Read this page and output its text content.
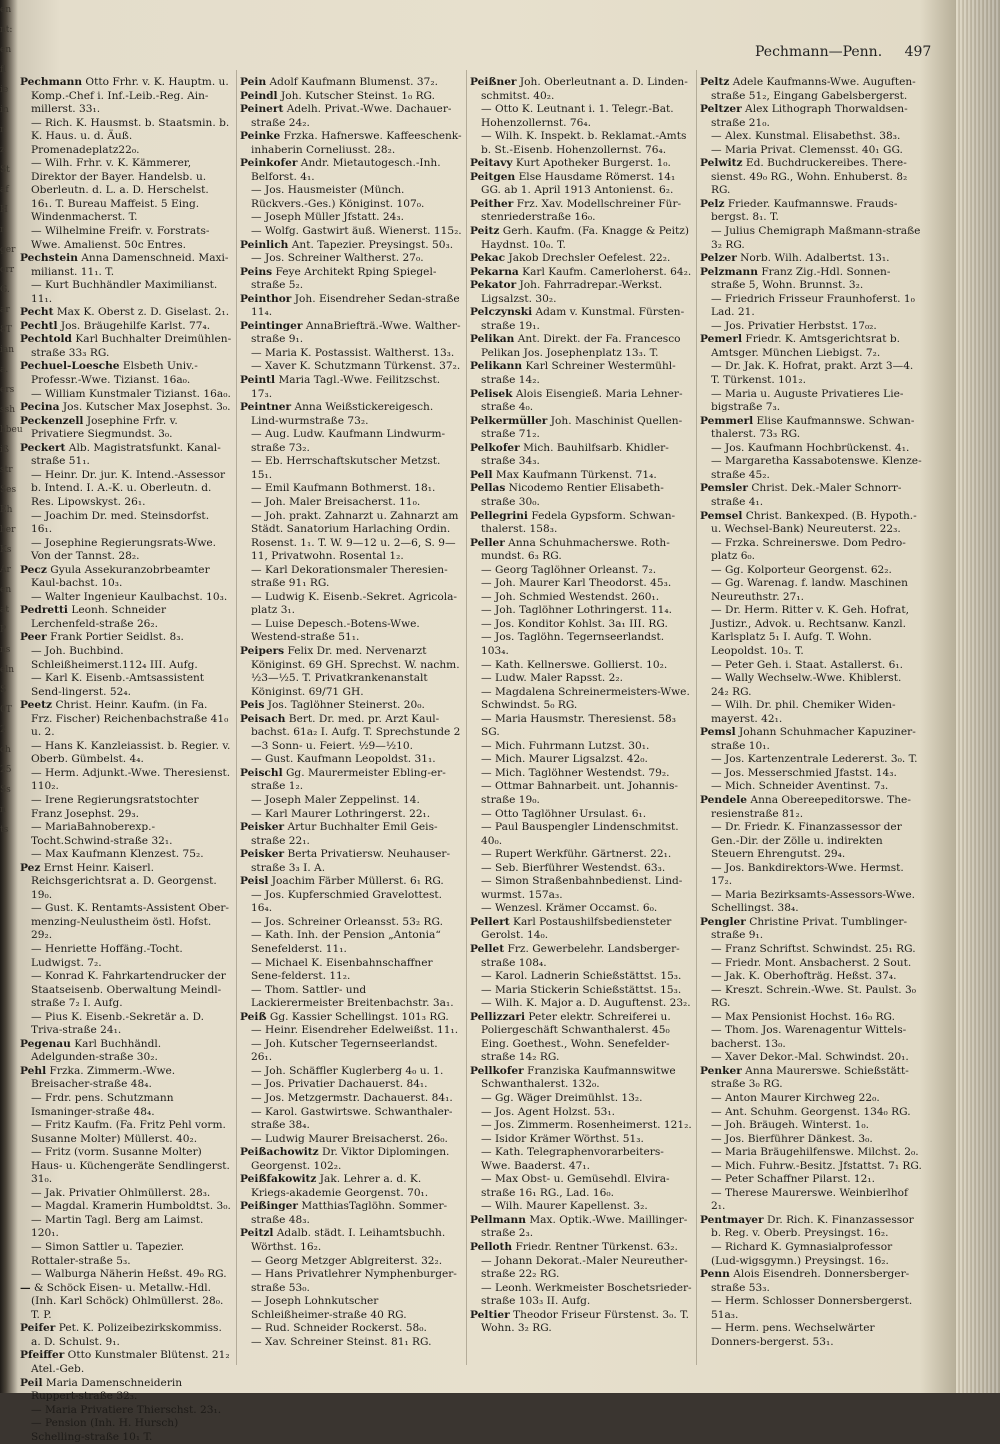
en
nt:
en
fl
ie
in
r
z
St
af
H
r
ger
orr
G.
ar
8T
ian
a.
ers
ssh
hbeu
iß
str
Ses
Eh
ber
Ks
Ar
en
at
P
ns
eln
S
0T
2
ch
25
Ss
n
ts
Pechmann—Penn. 497
Pechmann Otto Frhr. v. K. Hauptm. u. Komp.-Chef i. Inf.-Leib.-Reg. Ain-millerst. 33₁.
— Rich. K. Hausmst. b. Staatsmin. b. K. Haus. u. d. Äuß. Promenadeplatz22₀.
— Wilh. Frhr. v. K. Kämmerer, Direktor der Bayer. Handelsb. u. Oberleutn. d. L. a. D. Herschelst. 16₁. T. Bureau Maffeist. 5 Eing. Windenmacherst. T.
— Wilhelmine Freifr. v. Forstrats-Wwe. Amalienst. 50c Entres.
Pechstein Anna Damenschneid. Maxi-milianst. 11₁. T.
— Kurt Buchhändler Maximilianst. 11₁.
Pecht Max K. Oberst z. D. Giselast. 2₁.
Pechtl Jos. Bräugehilfe Karlst. 77₄.
Pechtold Karl Buchhalter Dreimühlen-straße 33₃ RG.
Pechuel-Loesche Elsbeth Univ.-Professr.-Wwe. Tizianst. 16a₀.
— William Kunstmaler Tizianst. 16a₀.
Pecina Jos. Kutscher Max Josephst. 3₀.
Peckenzell Josephine Frfr. v. Privatiere Siegmundst. 3₀.
Peckert Alb. Magistratsfunkt. Kanal-straße 51₁.
— Heinr. Dr. jur. K. Intend.-Assessor b. Intend. I. A.-K. u. Oberleutn. d. Res. Lipowskyst. 26₁.
— Joachim Dr. med. Steinsdorfst. 16₁.
— Josephine Regierungsrats-Wwe. Von der Tannst. 28₂.
Pecz Gyula Assekuranzobrbeamter Kaul-bachst. 10₃.
— Walter Ingenieur Kaulbachst. 10₃.
Pedretti Leonh. Schneider Lerchenfeld-straße 26₂.
Peer Frank Portier Seidlst. 8₃.
— Joh. Buchbind. Schleißheimerst.112₄ III. Aufg.
— Karl K. Eisenb.-Amtsassistent Send-lingerst. 52₄.
Peetz Christ. Heinr. Kaufm. (in Fa. Frz. Fischer) Reichenbachstraße 41₀ u. 2.
— Hans K. Kanzleiassist. b. Regier. v. Oberb. Gümbelst. 4₄.
— Herm. Adjunkt.-Wwe. Theresienst. 110₂.
— Irene Regierungsratstochter Franz Josephst. 29₃.
— MariaBahnoberexp.-Tocht.Schwind-straße 32₁.
— Max Kaufmann Klenzest. 75₂.
Pez Ernst Heinr. Kaiserl. Reichsgerichtsrat a. D. Georgenst. 19₀.
— Gust. K. Rentamts-Assistent Ober-menzing-Neulustheim östl. Hofst. 29₂.
— Henriette Hoffäng.-Tocht. Ludwigst. 7₂.
— Konrad K. Fahrkartendrucker der Staatseisenb. Oberwaltung Meindl-straße 7₂ I. Aufg.
— Pius K. Eisenb.-Sekretär a. D. Triva-straße 24₁.
Pegenau Karl Buchhändl. Adelgunden-straße 30₂.
Pehl Frzka. Zimmerm.-Wwe. Breisacher-straße 48₄.
— Frdr. pens. Schutzmann Ismaninger-straße 48₄.
— Fritz Kaufm. (Fa. Fritz Pehl vorm. Susanne Molter) Müllerst. 40₂.
— Fritz (vorm. Susanne Molter) Haus- u. Küchengeräte Sendlingerst. 31₀.
— Jak. Privatier Ohlmüllerst. 28₃.
— Magdal. Kramerin Humboldtst. 3₀.
— Martin Tagl. Berg am Laimst. 120₁.
— Simon Sattler u. Tapezier. Rottaler-straße 5₃.
— Walburga Näherin Heßst. 49₀ RG.
— & Schöck Eisen- u. Metallw.-Hdl. (Inh. Karl Schöck) Ohlmüllerst. 28₀. T. P.
Peifer Pet. K. Polizeibezirkskommiss. a. D. Schulst. 9₁.
Pfeiffer Otto Kunstmaler Blütenst. 21₂ Atel.-Geb.
Peil Maria Damenschneiderin Ruppert-straße 32₃.
— Maria Privatiere Thierschst. 23₁.
— Pension (Inh. H. Hursch) Schelling-straße 10₁ T.
Pein Adolf Kaufmann Blumenst. 37₂.
Peindl Joh. Kutscher Steinst. 1₀ RG.
Peinert Adelh. Privat.-Wwe. Dachauer-straße 24₂.
Peinke Frzka. Hafnerswe. Kaffeeschenk-inhaberin Corneliusst. 28₂.
Peinkofer Andr. Mietautogesch.-Inh. Belforst. 4₁.
— Jos. Hausmeister (Münch. Rückvers.-Ges.) Königinst. 107₀.
— Joseph Müller Jfstatt. 24₃.
— Wolfg. Gastwirt äuß. Wienerst. 115₂.
Peinlich Ant. Tapezier. Preysingst. 50₃.
— Jos. Schreiner Waltherst. 27₀.
Peins Feye Architekt Rping Spiegel-straße 5₂.
Peinthor Joh. Eisendreher Sedan-straße 11₄.
Peintinger AnnaBriefträ.-Wwe. Walther-straße 9₁.
— Maria K. Postassist. Waltherst. 13₃.
— Xaver K. Schutzmann Türkenst. 37₂.
Peintl Maria Tagl.-Wwe. Feilitzschst. 17₃.
Peintner Anna Weißstickereigesch. Lind-wurmstraße 73₂.
— Aug. Ludw. Kaufmann Lindwurm-straße 73₂.
— Eb. Herrschaftskutscher Metzst. 15₁.
— Emil Kaufmann Bothmerst. 18₁.
— Joh. Maler Breisacherst. 11₀.
— Joh. prakt. Zahnarzt u. Zahnarzt am Städt. Sanatorium Harlaching Ordin. Rosenst. 1₁. T. W. 9—12 u. 2—6, S. 9—11, Privatwohn. Rosental 1₂.
— Karl Dekorationsmaler Theresien-straße 91₁ RG.
— Ludwig K. Eisenb.-Sekret. Agricola-platz 3₁.
— Luise Depesch.-Botens-Wwe. Westend-straße 51₁.
Peipers Felix Dr. med. Nervenarzt Königinst. 69 GH. Sprechst. W. nachm. ½3—½5. T. Privatkrankenanstalt Königinst. 69/71 GH.
Peis Jos. Taglöhner Steinerst. 20₀.
Peisach Bert. Dr. med. pr. Arzt Kaul-bachst. 61a₂ I. Aufg. T. Sprechstunde 2—3 Sonn- u. Feiert. ½9—½10.
— Gust. Kaufmann Leopoldst. 31₁.
Peischl Gg. Maurermeister Ebling-er-straße 1₂.
— Joseph Maler Zeppelinst. 14.
— Karl Maurer Lothringerst. 22₁.
Peisker Artur Buchhalter Emil Geis-straße 22₁.
Peisker Berta Privatiersw. Neuhauser-straße 3₃ I. A.
Peisl Joachim Färber Müllerst. 6₁ RG.
— Jos. Kupferschmied Gravelottest. 16₄.
— Jos. Schreiner Orleansst. 53₂ RG.
— Kath. Inh. der Pension „Antonia“ Senefelderst. 11₁.
— Michael K. Eisenbahnschaffner Sene-felderst. 11₂.
— Thom. Sattler- und Lackierermeister Breitenbachstr. 3a₁.
Peiß Gg. Kassier Schellingst. 101₃ RG.
— Heinr. Eisendreher Edelweißst. 11₁.
— Joh. Kutscher Tegernseerlandst. 26₁.
— Joh. Schäffler Kuglerberg 4₀ u. 1.
— Jos. Privatier Dachauerst. 84₁.
— Jos. Metzgermstr. Dachauerst. 84₁.
— Karol. Gastwirtswe. Schwanthaler-straße 38₄.
— Ludwig Maurer Breisacherst. 26₀.
Peißachowitz Dr. Viktor Diplomingen. Georgenst. 102₂.
Peißfakowitz Jak. Lehrer a. d. K. Kriegs-akademie Georgenst. 70₁.
Peißinger MatthiasTaglöhn. Sommer-straße 48₃.
Peitzl Adalb. städt. I. Leihamtsbuchh. Wörthst. 16₂.
— Georg Metzger Ablgreiterst. 32₂.
— Hans Privatlehrer Nymphenburger-straße 53₀.
— Joseph Lohnkutscher Schleißheimer-straße 40 RG.
— Rud. Schneider Rockerst. 58₀.
— Xav. Schreiner Steinst. 81₁ RG.
Peißner Joh. Oberleutnant a. D. Linden-schmitst. 40₂.
— Otto K. Leutnant i. 1. Telegr.-Bat. Hohenzollernst. 76₄.
— Wilh. K. Inspekt. b. Reklamat.-Amts b. St.-Eisenb. Hohenzollernst. 76₄.
Peitavy Kurt Apotheker Burgerst. 1₀.
Peitgen Else Hausdame Römerst. 14₁ GG. ab 1. April 1913 Antonienst. 6₂.
Peither Frz. Xav. Modellschreiner Für-stenriederstraße 16₀.
Peitz Gerh. Kaufm. (Fa. Knagge & Peitz) Haydnst. 10₀. T.
Pekac Jakob Drechsler Oefelest. 22₂.
Pekarna Karl Kaufm. Camerloherst. 64₂.
Pekator Joh. Fahrradrepar.-Werkst. Ligsalzst. 30₂.
Pelczynski Adam v. Kunstmal. Fürsten-straße 19₁.
Pelikan Ant. Direkt. der Fa. Francesco Pelikan Jos. Josephenplatz 13₃. T.
Pelikann Karl Schreiner Westermühl-straße 14₂.
Pelisek Alois Eisengieß. Maria Lehner-straße 4₀.
Pelkermüller Joh. Maschinist Quellen-straße 71₂.
Pelkofer Mich. Bauhilfsarb. Khidler-straße 34₃.
Pell Max Kaufmann Türkenst. 71₄.
Pellas Nicodemo Rentier Elisabeth-straße 30₀.
Pellegrini Fedela Gypsform. Schwan-thalerst. 158₃.
Peller Anna Schuhmacherswe. Roth-mundst. 6₃ RG.
— Georg Taglöhner Orleanst. 7₂.
— Joh. Maurer Karl Theodorst. 45₃.
— Joh. Schmied Westendst. 260₁.
— Joh. Taglöhner Lothringerst. 11₄.
— Jos. Konditor Kohlst. 3a₁ III. RG.
— Jos. Taglöhn. Tegernseerlandst. 103₄.
— Kath. Kellnerswe. Gollierst. 10₂.
— Ludw. Maler Rapsst. 2₂.
— Magdalena Schreinermeisters-Wwe. Schwindst. 5₀ RG.
— Maria Hausmstr. Theresienst. 58₃ SG.
— Mich. Fuhrmann Lutzst. 30₁.
— Mich. Maurer Ligsalzst. 42₀.
— Mich. Taglöhner Westendst. 79₂.
— Ottmar Bahnarbeit. unt. Johannis-straße 19₀.
— Otto Taglöhner Ursulast. 6₁.
— Paul Bauspengler Lindenschmitst. 40₀.
— Rupert Werkführ. Gärtnerst. 22₁.
— Seb. Bierführer Westendst. 63₃.
— Simon Straßenbahnbedienst. Lind-wurmst. 157a₃.
— Wenzesl. Krämer Occamst. 6₀.
Pellert Karl Postaushilfsbediensteter Gerolst. 14₀.
Pellet Frz. Gewerbelehr. Landsberger-straße 108₄.
— Karol. Ladnerin Schießstättst. 15₃.
— Maria Stickerin Schießstättst. 15₃.
— Wilh. K. Major a. D. Auguftenst. 23₂.
Pellizzari Peter elektr. Schreiferei u. Poliergeschäft Schwanthalerst. 45₀ Eing. Goethest., Wohn. Senefelder-straße 14₂ RG.
Pellkofer Franziska Kaufmannswitwe Schwanthalerst. 132₀.
— Gg. Wäger Dreimühlst. 13₂.
— Jos. Agent Holzst. 53₁.
— Jos. Zimmerm. Rosenheimerst. 121₂.
— Isidor Krämer Wörthst. 51₃.
— Kath. Telegraphenvorarbeiters-Wwe. Baaderst. 47₁.
— Max Obst- u. Gemüsehdl. Elvira-straße 16₁ RG., Lad. 16₀.
— Wilh. Maurer Kapellenst. 3₂.
Pellmann Max. Optik.-Wwe. Maillinger-straße 2₃.
Pelloth Friedr. Rentner Türkenst. 63₂.
— Johann Dekorat.-Maler Neureuther-straße 22₂ RG.
— Leonh. Werkmeister Boschetsrieder-straße 103₃ II. Aufg.
Peltier Theodor Friseur Fürstenst. 3₀. T. Wohn. 3₂ RG.
Peltz Adele Kaufmanns-Wwe. Auguften-straße 51₂, Eingang Gabelsbergerst.
Peltzer Alex Lithograph Thorwaldsen-straße 21₀.
— Alex. Kunstmal. Elisabethst. 38₃.
— Maria Privat. Clemensst. 40₁ GG.
Pelwitz Ed. Buchdruckereibes. There-sienst. 49₀ RG., Wohn. Enhuberst. 8₂ RG.
Pelz Frieder. Kaufmannswe. Frauds-bergst. 8₁. T.
— Julius Chemigraph Maßmann-straße 3₂ RG.
Pelzer Norb. Wilh. Adalbertst. 13₁.
Pelzmann Franz Zig.-Hdl. Sonnen-straße 5, Wohn. Brunnst. 3₂.
— Friedrich Frisseur Fraunhoferst. 1₀ Lad. 21.
— Jos. Privatier Herbstst. 17₀₂.
Pemerl Friedr. K. Amtsgerichtsrat b. Amtsger. München Liebigst. 7₂.
— Dr. Jak. K. Hofrat, prakt. Arzt 3—4. T. Türkenst. 101₂.
— Maria u. Auguste Privatieres Lie-bigstraße 7₃.
Pemmerl Elise Kaufmannswe. Schwan-thalerst. 73₃ RG.
— Jos. Kaufmann Hochbrückenst. 4₁.
— Margaretha Kassabotenswe. Klenze-straße 45₂.
Pemsler Christ. Dek.-Maler Schnorr-straße 4₁.
Pemsel Christ. Bankexped. (B. Hypoth.- u. Wechsel-Bank) Neureuterst. 22₃.
— Frzka. Schreinerswe. Dom Pedro-platz 6₀.
— Gg. Kolporteur Georgenst. 62₂.
— Gg. Warenag. f. landw. Maschinen Neureuthstr. 27₁.
— Dr. Herm. Ritter v. K. Geh. Hofrat, Justizr., Advok. u. Rechtsanw. Kanzl. Karlsplatz 5₁ I. Aufg. T. Wohn. Leopoldst. 10₃. T.
— Peter Geh. i. Staat. Astallerst. 6₁.
— Wally Wechselw.-Wwe. Khiblerst. 24₂ RG.
— Wilh. Dr. phil. Chemiker Widen-mayerst. 42₁.
Pemsl Johann Schuhmacher Kapuziner-straße 10₁.
— Jos. Kartenzentrale Ledererst. 3₀. T.
— Jos. Messerschmied Jfastst. 14₃.
— Mich. Schneider Aventinst. 7₃.
Pendele Anna Obereepeditorswe. The-resienstraße 81₂.
— Dr. Friedr. K. Finanzassessor der Gen.-Dir. der Zölle u. indirekten Steuern Ehrengutst. 29₄.
— Jos. Bankdirektors-Wwe. Hermst. 17₂.
— Maria Bezirksamts-Assessors-Wwe. Schellingst. 38₄.
Pengler Christine Privat. Tumblinger-straße 9₁.
— Franz Schriftst. Schwindst. 25₁ RG.
— Friedr. Mont. Ansbacherst. 2 Sout.
— Jak. K. Oberhofträg. Heßst. 37₄.
— Kreszt. Schrein.-Wwe. St. Paulst. 3₀ RG.
— Max Pensionist Hochst. 16₀ RG.
— Thom. Jos. Warenagentur Wittels-bacherst. 13₀.
— Xaver Dekor.-Mal. Schwindst. 20₁.
Penker Anna Maurerswe. Schießstätt-straße 3₀ RG.
— Anton Maurer Kirchweg 22₀.
— Ant. Schuhm. Georgenst. 134₀ RG.
— Joh. Bräugeh. Winterst. 1₀.
— Jos. Bierführer Dänkest. 3₀.
— Maria Bräugehilfenswe. Milchst. 2₀.
— Mich. Fuhrw.-Besitz. Jfstattst. 7₁ RG.
— Peter Schaffner Pilarst. 12₁.
— Therese Maurerswe. Weinbierlhof 2₁.
Pentmayer Dr. Rich. K. Finanzassessor b. Reg. v. Oberb. Preysingst. 16₂.
— Richard K. Gymnasialprofessor (Lud-wigsgymn.) Preysingst. 16₂.
Penn Alois Eisendreh. Donnersberger-straße 53₃.
— Herm. Schlosser Donnersbergerst. 51a₃.
— Herm. pens. Wechselwärter Donners-bergerst. 53₁.
